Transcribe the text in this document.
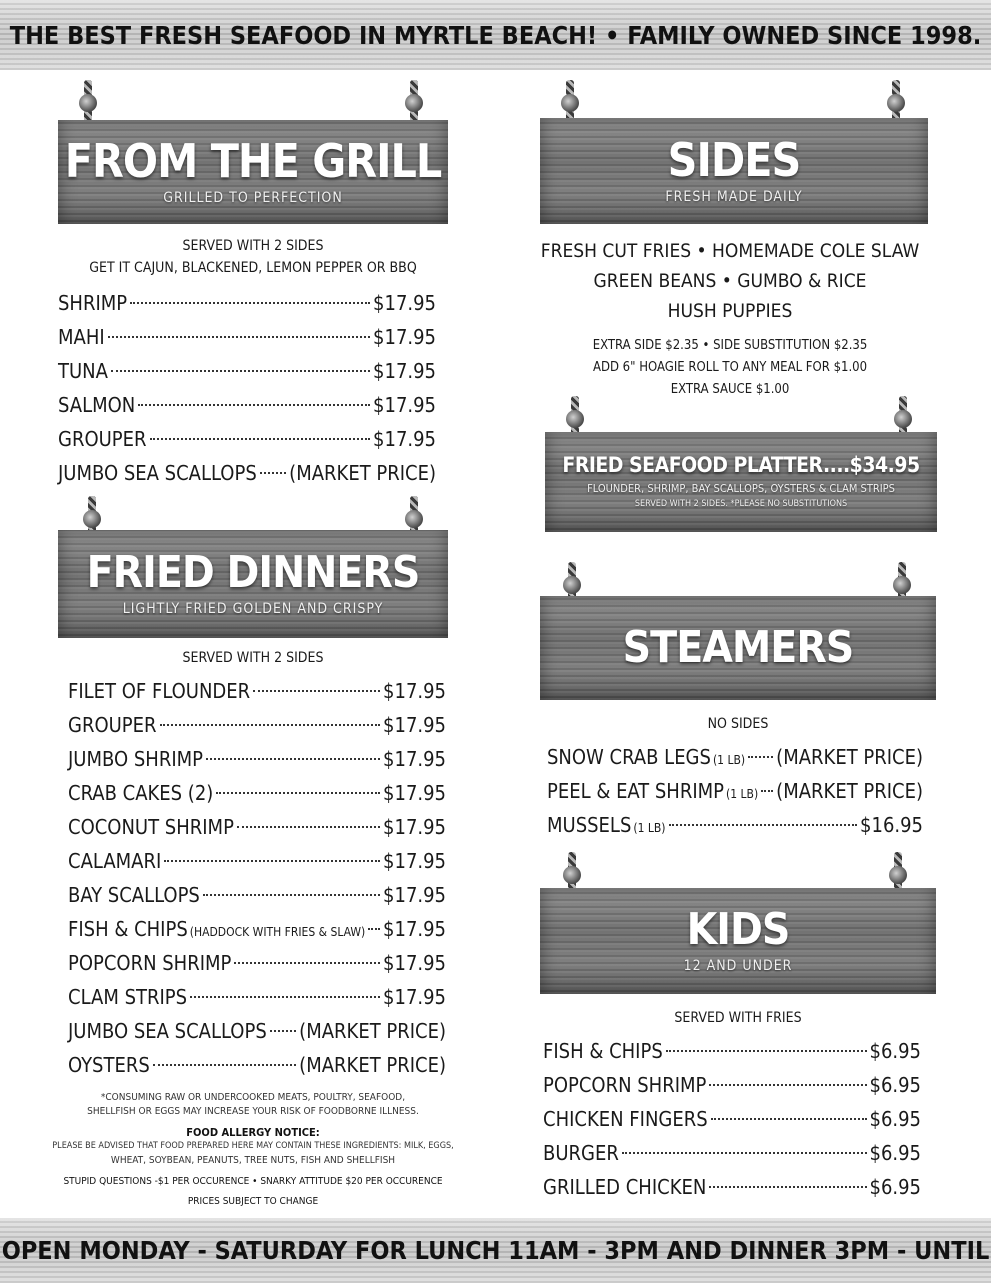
THE BEST FRESH SEAFOOD IN MYRTLE BEACH! • FAMILY OWNED SINCE 1998.
FROM THE GRILL
GRILLED TO PERFECTION
SERVED WITH 2 SIDES
GET IT CAJUN, BLACKENED, LEMON PEPPER OR BBQ
SHRIMP	$17.95
MAHI	$17.95
TUNA	$17.95
SALMON	$17.95
GROUPER	$17.95
JUMBO SEA SCALLOPS (MARKET PRICE)
FRIED DINNERS
LIGHTLY FRIED GOLDEN AND CRISPY
SERVED WITH 2 SIDES
FILET OF FLOUNDER	$17.95
GROUPER	$17.95
JUMBO SHRIMP	$17.95
CRAB CAKES (2)	$17.95
COCONUT SHRIMP	$17.95
CALAMARI	$17.95
BAY SCALLOPS	$17.95
FISH & CHIPS (HADDOCK WITH FRIES & SLAW) $17.95
POPCORN SHRIMP	$17.95
CLAM STRIPS	$17.95
JUMBO SEA SCALLOPS (MARKET PRICE)
OYSTERS	(MARKET PRICE)
*CONSUMING RAW OR UNDERCOOKED MEATS, POULTRY, SEAFOOD,
SHELLFISH OR EGGS MAY INCREASE YOUR RISK OF FOODBORNE ILLNESS.
FOOD ALLERGY NOTICE:
PLEASE BE ADVISED THAT FOOD PREPARED HERE MAY CONTAIN THESE INGREDIENTS: MILK, EGGS,
WHEAT, SOYBEAN, PEANUTS, TREE NUTS, FISH AND SHELLFISH
STUPID QUESTIONS -$1 PER OCCURENCE • SNARKY ATTITUDE $20 PER OCCURENCE
PRICES SUBJECT TO CHANGE
SIDES
FRESH MADE DAILY
FRESH CUT FRIES • HOMEMADE COLE SLAW
GREEN BEANS • GUMBO & RICE
HUSH PUPPIES
EXTRA SIDE $2.35 • SIDE SUBSTITUTION $2.35
ADD 6" HOAGIE ROLL TO ANY MEAL FOR $1.00
EXTRA SAUCE $1.00
FRIED SEAFOOD PLATTER....$34.95
FLOUNDER, SHRIMP, BAY SCALLOPS, OYSTERS & CLAM STRIPS
SERVED WITH 2 SIDES. *PLEASE NO SUBSTITUTIONS
STEAMERS
NO SIDES
SNOW CRAB LEGS (1 LB) (MARKET PRICE)
PEEL & EAT SHRIMP (1 LB) (MARKET PRICE)
MUSSELS (1 LB)	$16.95
KIDS
12 AND UNDER
SERVED WITH FRIES
FISH & CHIPS	$6.95
POPCORN SHRIMP	$6.95
CHICKEN FINGERS	$6.95
BURGER	$6.95
GRILLED CHICKEN	$6.95
OPEN MONDAY - SATURDAY FOR LUNCH 11AM - 3PM AND DINNER 3PM - UNTIL
